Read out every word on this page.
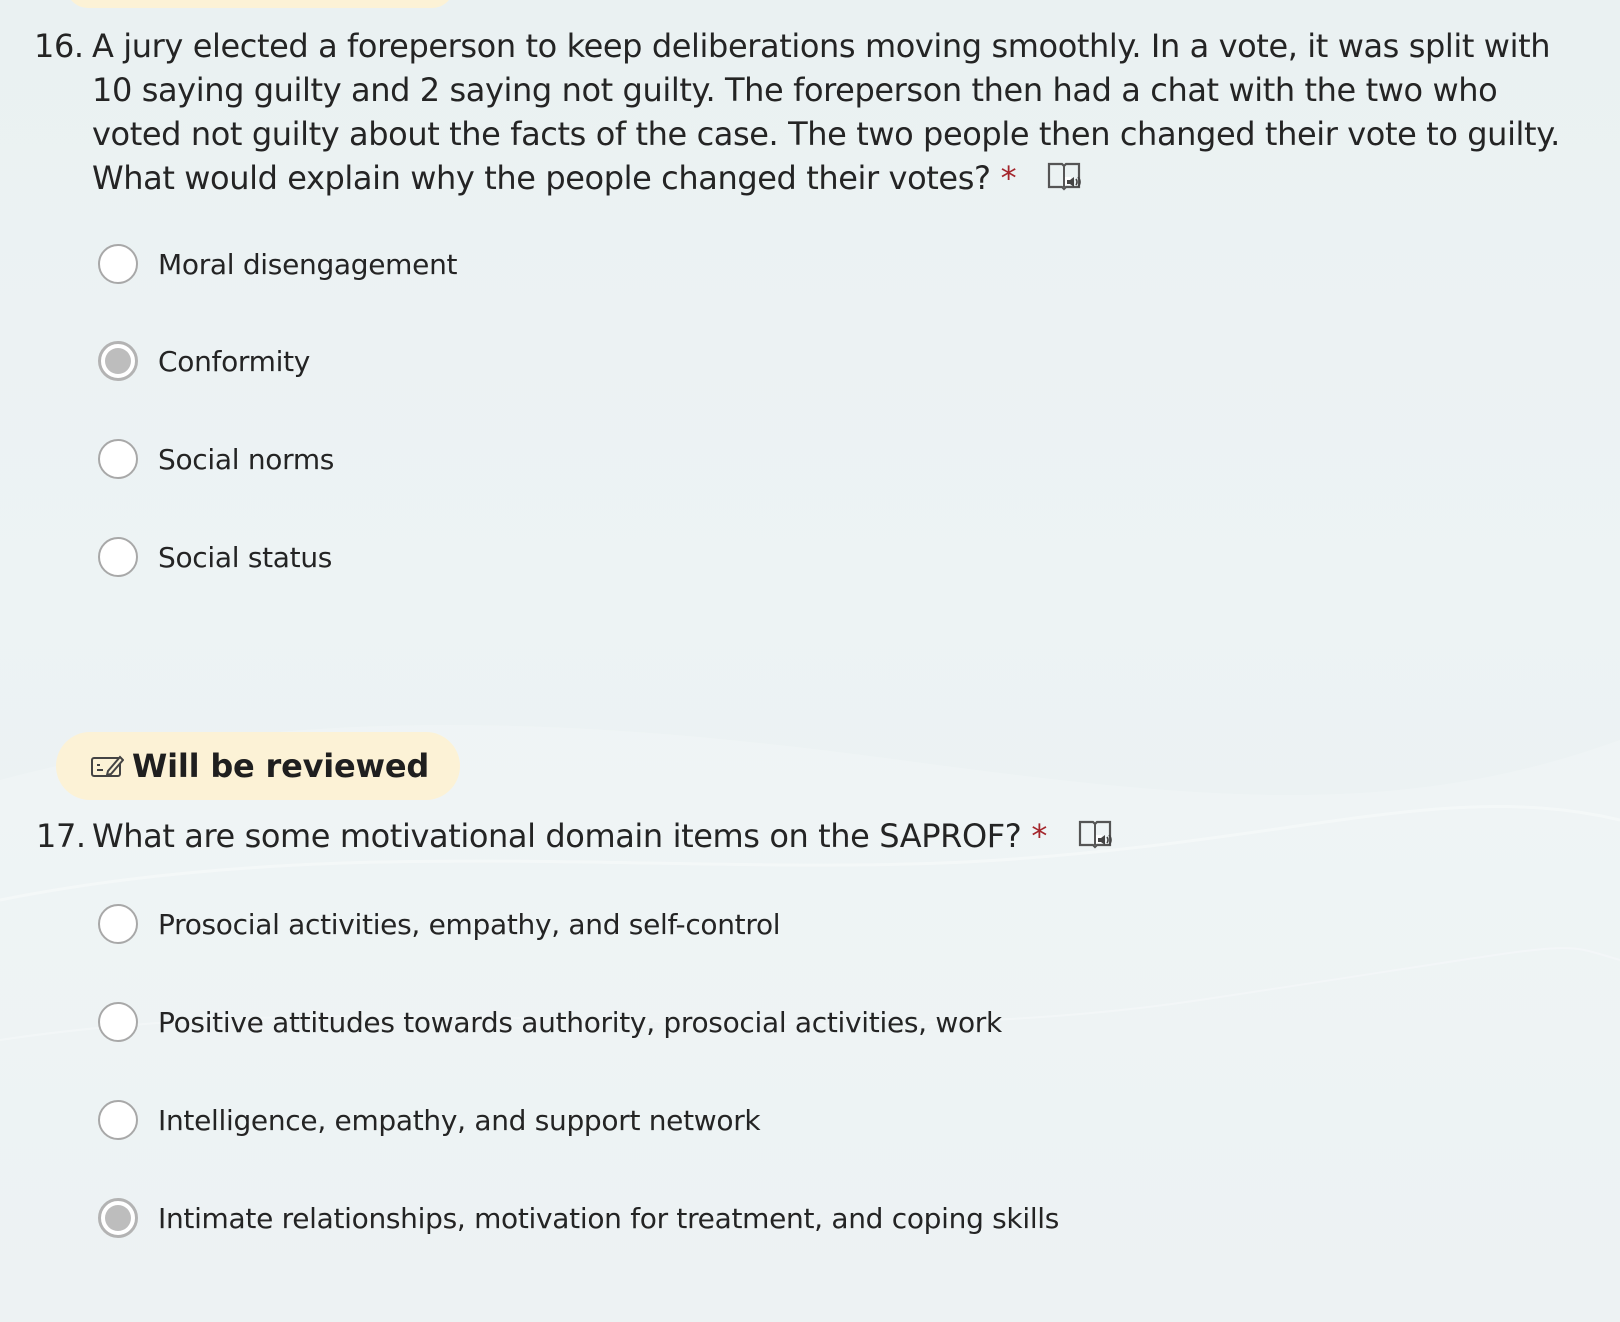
16. A jury elected a foreperson to keep deliberations moving smoothly. In a vote, it was split with 10 saying guilty and 2 saying not guilty. The foreperson then had a chat with the two who voted not guilty about the facts of the case. The two people then changed their vote to guilty. What would explain why the people changed their votes? *
Moral disengagement
Conformity
Social norms
Social status
Will be reviewed
17. What are some motivational domain items on the SAPROF? *
Prosocial activities, empathy, and self-control
Positive attitudes towards authority, prosocial activities, work
Intelligence, empathy, and support network
Intimate relationships, motivation for treatment, and coping skills
